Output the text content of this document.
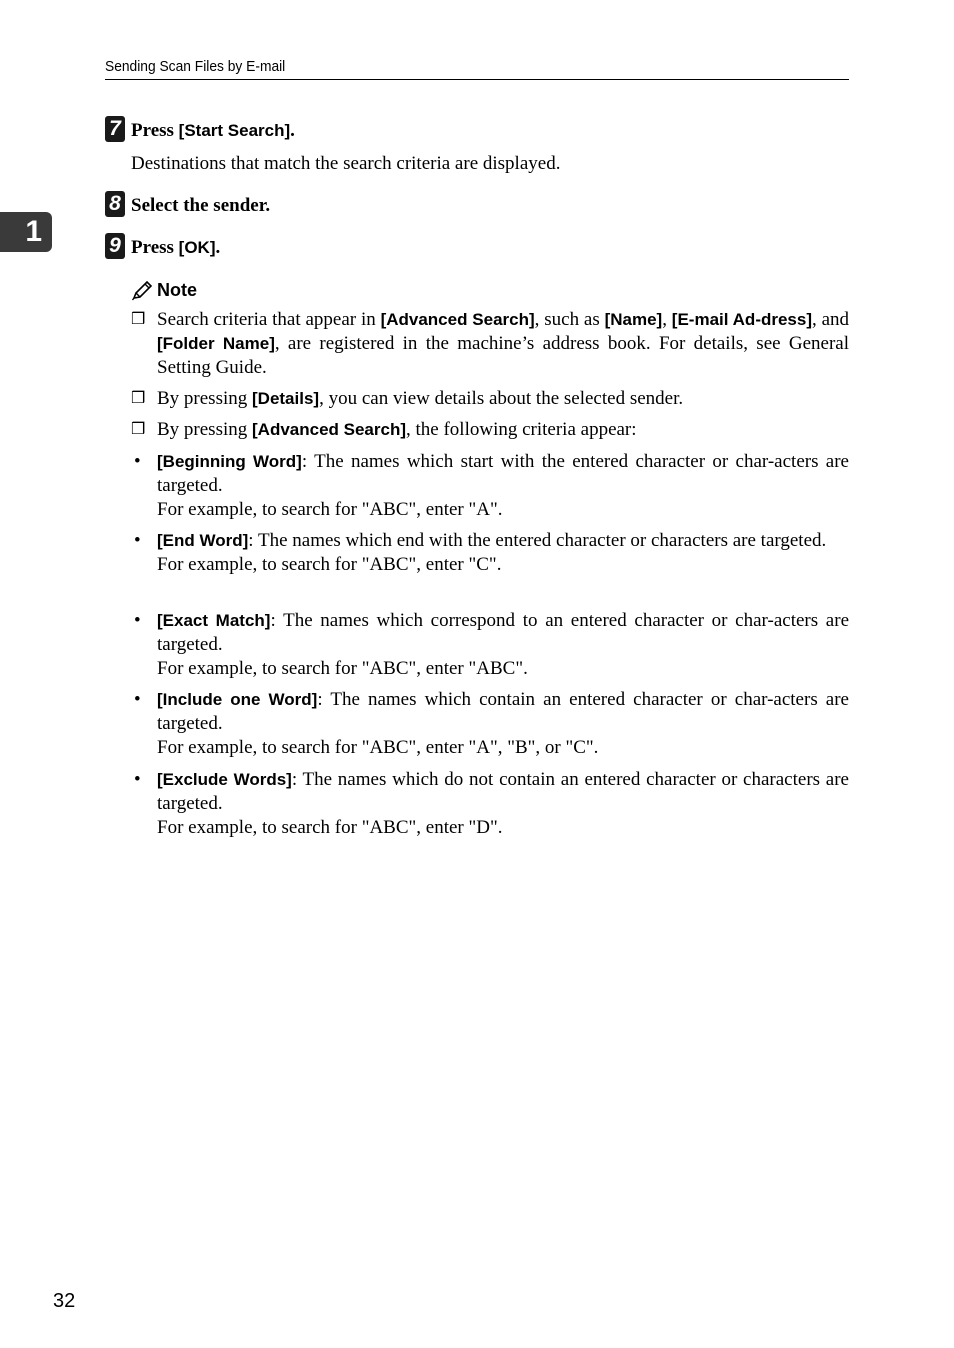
Sending Scan Files by E-mail
1
7 Press [Start Search].
Destinations that match the search criteria are displayed.
8 Select the sender.
9 Press [OK].
Note
❒ Search criteria that appear in [Advanced Search], such as [Name], [E-mail Ad-dress], and [Folder Name], are registered in the machine’s address book. For details, see General Setting Guide.
❒ By pressing [Details], you can view details about the selected sender.
❒ By pressing [Advanced Search], the following criteria appear:
• [Beginning Word]: The names which start with the entered character or char-acters are targeted.
For example, to search for "ABC", enter "A".
• [End Word]: The names which end with the entered character or characters are targeted.
For example, to search for "ABC", enter "C".
• [Exact Match]: The names which correspond to an entered character or char-acters are targeted.
For example, to search for "ABC", enter "ABC".
• [Include one Word]: The names which contain an entered character or char-acters are targeted.
For example, to search for "ABC", enter "A", "B", or "C".
• [Exclude Words]: The names which do not contain an entered character or characters are targeted.
For example, to search for "ABC", enter "D".
32
